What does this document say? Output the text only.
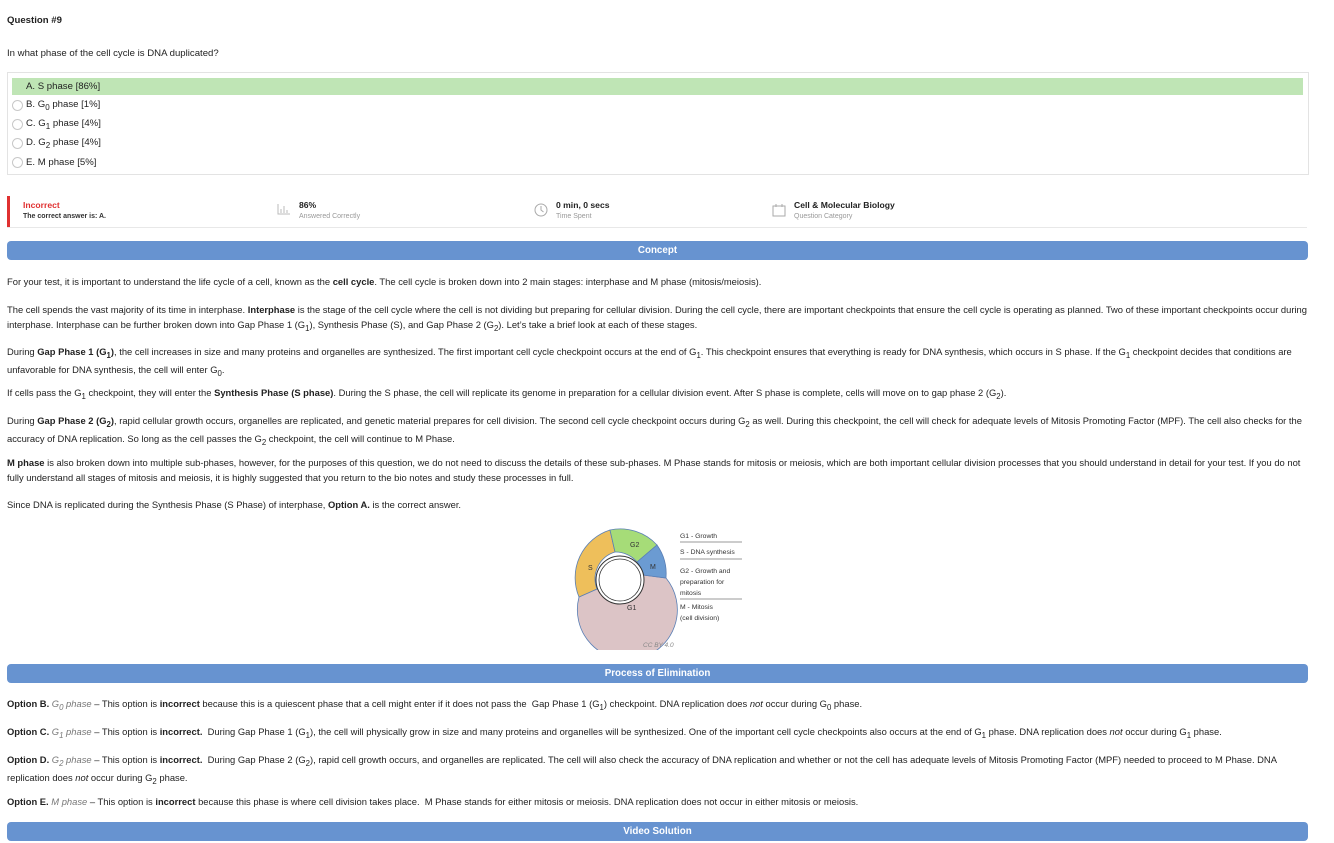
Question #9
In what phase of the cell cycle is DNA duplicated?
A. S phase [86%]
B. $G_0$ phase [1%]
C. $G_1$ phase [4%]
D. $G_2$ phase [4%]
E. M phase [5%]
Incorrect
The correct answer is: A.
86%
Answered Correctly
0 min, 0 secs
Time Spent
Cell & Molecular Biology
Question Category
Concept
For your test, it is important to understand the life cycle of a cell, known as the cell cycle. The cell cycle is broken down into 2 main stages: interphase and M phase (mitosis/meiosis).
The cell spends the vast majority of its time in interphase. Interphase is the stage of the cell cycle where the cell is not dividing but preparing for cellular division. During the cell cycle, there are important checkpoints that ensure the cell cycle is operating as planned. Two of these important checkpoints occur during interphase. Interphase can be further broken down into Gap Phase 1 $(G_1)$, Synthesis Phase (S), and Gap Phase 2 $(G_2)$. Let’s take a brief look at each of these stages.
During Gap Phase 1 $(G_1)$, the cell increases in size and many proteins and organelles are synthesized. The first important cell cycle checkpoint occurs at the end of $G_1$. This checkpoint ensures that everything is ready for DNA synthesis, which occurs in S phase. If the $G_1$ checkpoint decides that conditions are unfavorable for DNA synthesis, the cell will enter $G_0$.
If cells pass the $G_1$ checkpoint, they will enter the Synthesis Phase (S phase). During the S phase, the cell will replicate its genome in preparation for a cellular division event. After S phase is complete, cells will move on to gap phase 2 $(G_2)$.
During Gap Phase 2 $(G_2)$, rapid cellular growth occurs, organelles are replicated, and genetic material prepares for cell division. The second cell cycle checkpoint occurs during $G_2$ as well. During this checkpoint, the cell will check for adequate levels of Mitosis Promoting Factor (MPF). The cell also checks for the accuracy of DNA replication. So long as the cell passes the $G_2$ checkpoint, the cell will continue to M Phase.
M phase is also broken down into multiple sub-phases, however, for the purposes of this question, we do not need to discuss the details of these sub-phases. M Phase stands for mitosis or meiosis, which are both important cellular division processes that you should understand in detail for your test. If you do not fully understand all stages of mitosis and meiosis, it is highly suggested that you return to the bio notes and study these processes in full.
Since DNA is replicated during the Synthesis Phase (S Phase) of interphase, Option A. is the correct answer.
G2
S	M
G1
G1 - Growth
S - DNA synthesis
G2 - Growth and
preparation for
mitosis
M - Mitosis
(cell division)
CC BY 4.0
Process of Elimination
Option B. $G_0$ phase – This option is incorrect because this is a quiescent phase that a cell might enter if it does not pass the  Gap Phase 1 $(G_1)$ checkpoint. DNA replication does not occur during $G_0$ phase.
Option C. $G_1$ phase – This option is incorrect.  During Gap Phase 1 $(G_1)$, the cell will physically grow in size and many proteins and organelles will be synthesized. One of the important cell cycle checkpoints also occurs at the end of $G_1$ phase. DNA replication does not occur during $G_1$ phase.
Option D. $G_2$ phase – This option is incorrect.  During Gap Phase 2 $(G_2)$, rapid cell growth occurs, and organelles are replicated. The cell will also check the accuracy of DNA replication and whether or not the cell has adequate levels of Mitosis Promoting Factor (MPF) needed to proceed to M Phase. DNA replication does not occur during $G_2$ phase.
Option E. M phase – This option is incorrect because this phase is where cell division takes place.  M Phase stands for either mitosis or meiosis. DNA replication does not occur in either mitosis or meiosis.
Video Solution
